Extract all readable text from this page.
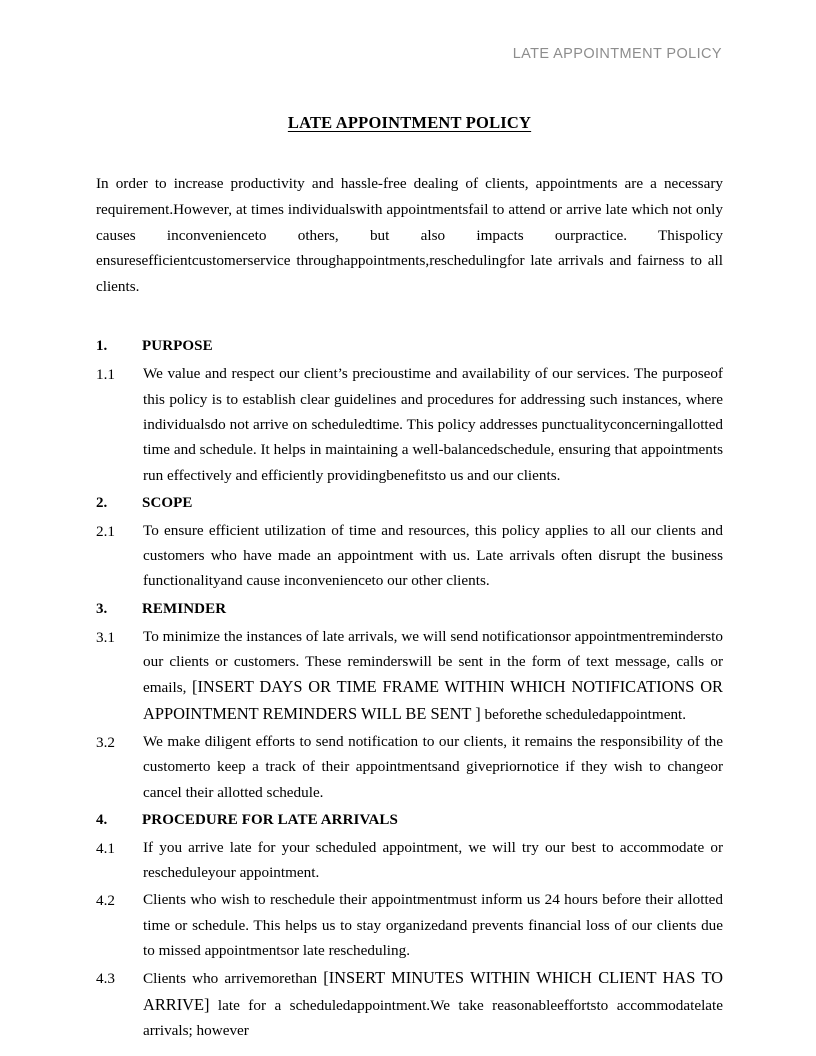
LATE APPOINTMENT POLICY
LATE APPOINTMENT POLICY

In order to increase productivity and hassle-free dealing of clients, appointments are a necessary requirement.However, at times individualswith appointmentsfail to attend or arrive late which not only causes inconvenienceto others, but also impacts ourpractice. Thispolicy ensuresefficientcustomerservice throughappointments,reschedulingfor late arrivals and fairness to all clients.

1.	PURPOSE
1.1	We value and respect our client’s precioustime and availability of our services. The purposeof this policy is to establish clear guidelines and procedures for addressing such instances, where individualsdo not arrive on scheduledtime. This policy addresses punctualityconcerningallotted time and schedule. It helps in maintaining a well-balancedschedule, ensuring that appointments run effectively and efficiently providingbenefitsto us and our clients.
2.	SCOPE
2.1	To ensure efficient utilization of time and resources, this policy applies to all our clients and customers who have made an appointment with us. Late arrivals often disrupt the business functionalityand cause inconvenienceto our other clients.
3.	REMINDER
3.1	To minimize the instances of late arrivals, we will send notificationsor appointmentremindersto our clients or customers. These reminderswill be sent in the form of text message, calls or emails, [INSERT DAYS OR TIME FRAME WITHIN WHICH NOTIFICATIONS OR APPOINTMENT REMINDERS WILL BE SENT ] beforethe scheduledappointment.
3.2	We make diligent efforts to send notification to our clients, it remains the responsibility of the customerto keep a track of their appointmentsand givepriornotice if they wish to changeor cancel their allotted schedule.
4.	PROCEDURE FOR LATE ARRIVALS
4.1	If you arrive late for your scheduled appointment, we will try our best to accommodate or rescheduleyour appointment.
4.2	Clients who wish to reschedule their appointmentmust inform us 24 hours before their allotted time or schedule. This helps us to stay organizedand prevents financial loss of our clients due to missed appointmentsor late rescheduling.
4.3	Clients who arrivemorethan [INSERT MINUTES WITHIN WHICH CLIENT HAS TO ARRIVE] late for a scheduledappointment.We take reasonableeffortsto accommodatelate arrivals; however
